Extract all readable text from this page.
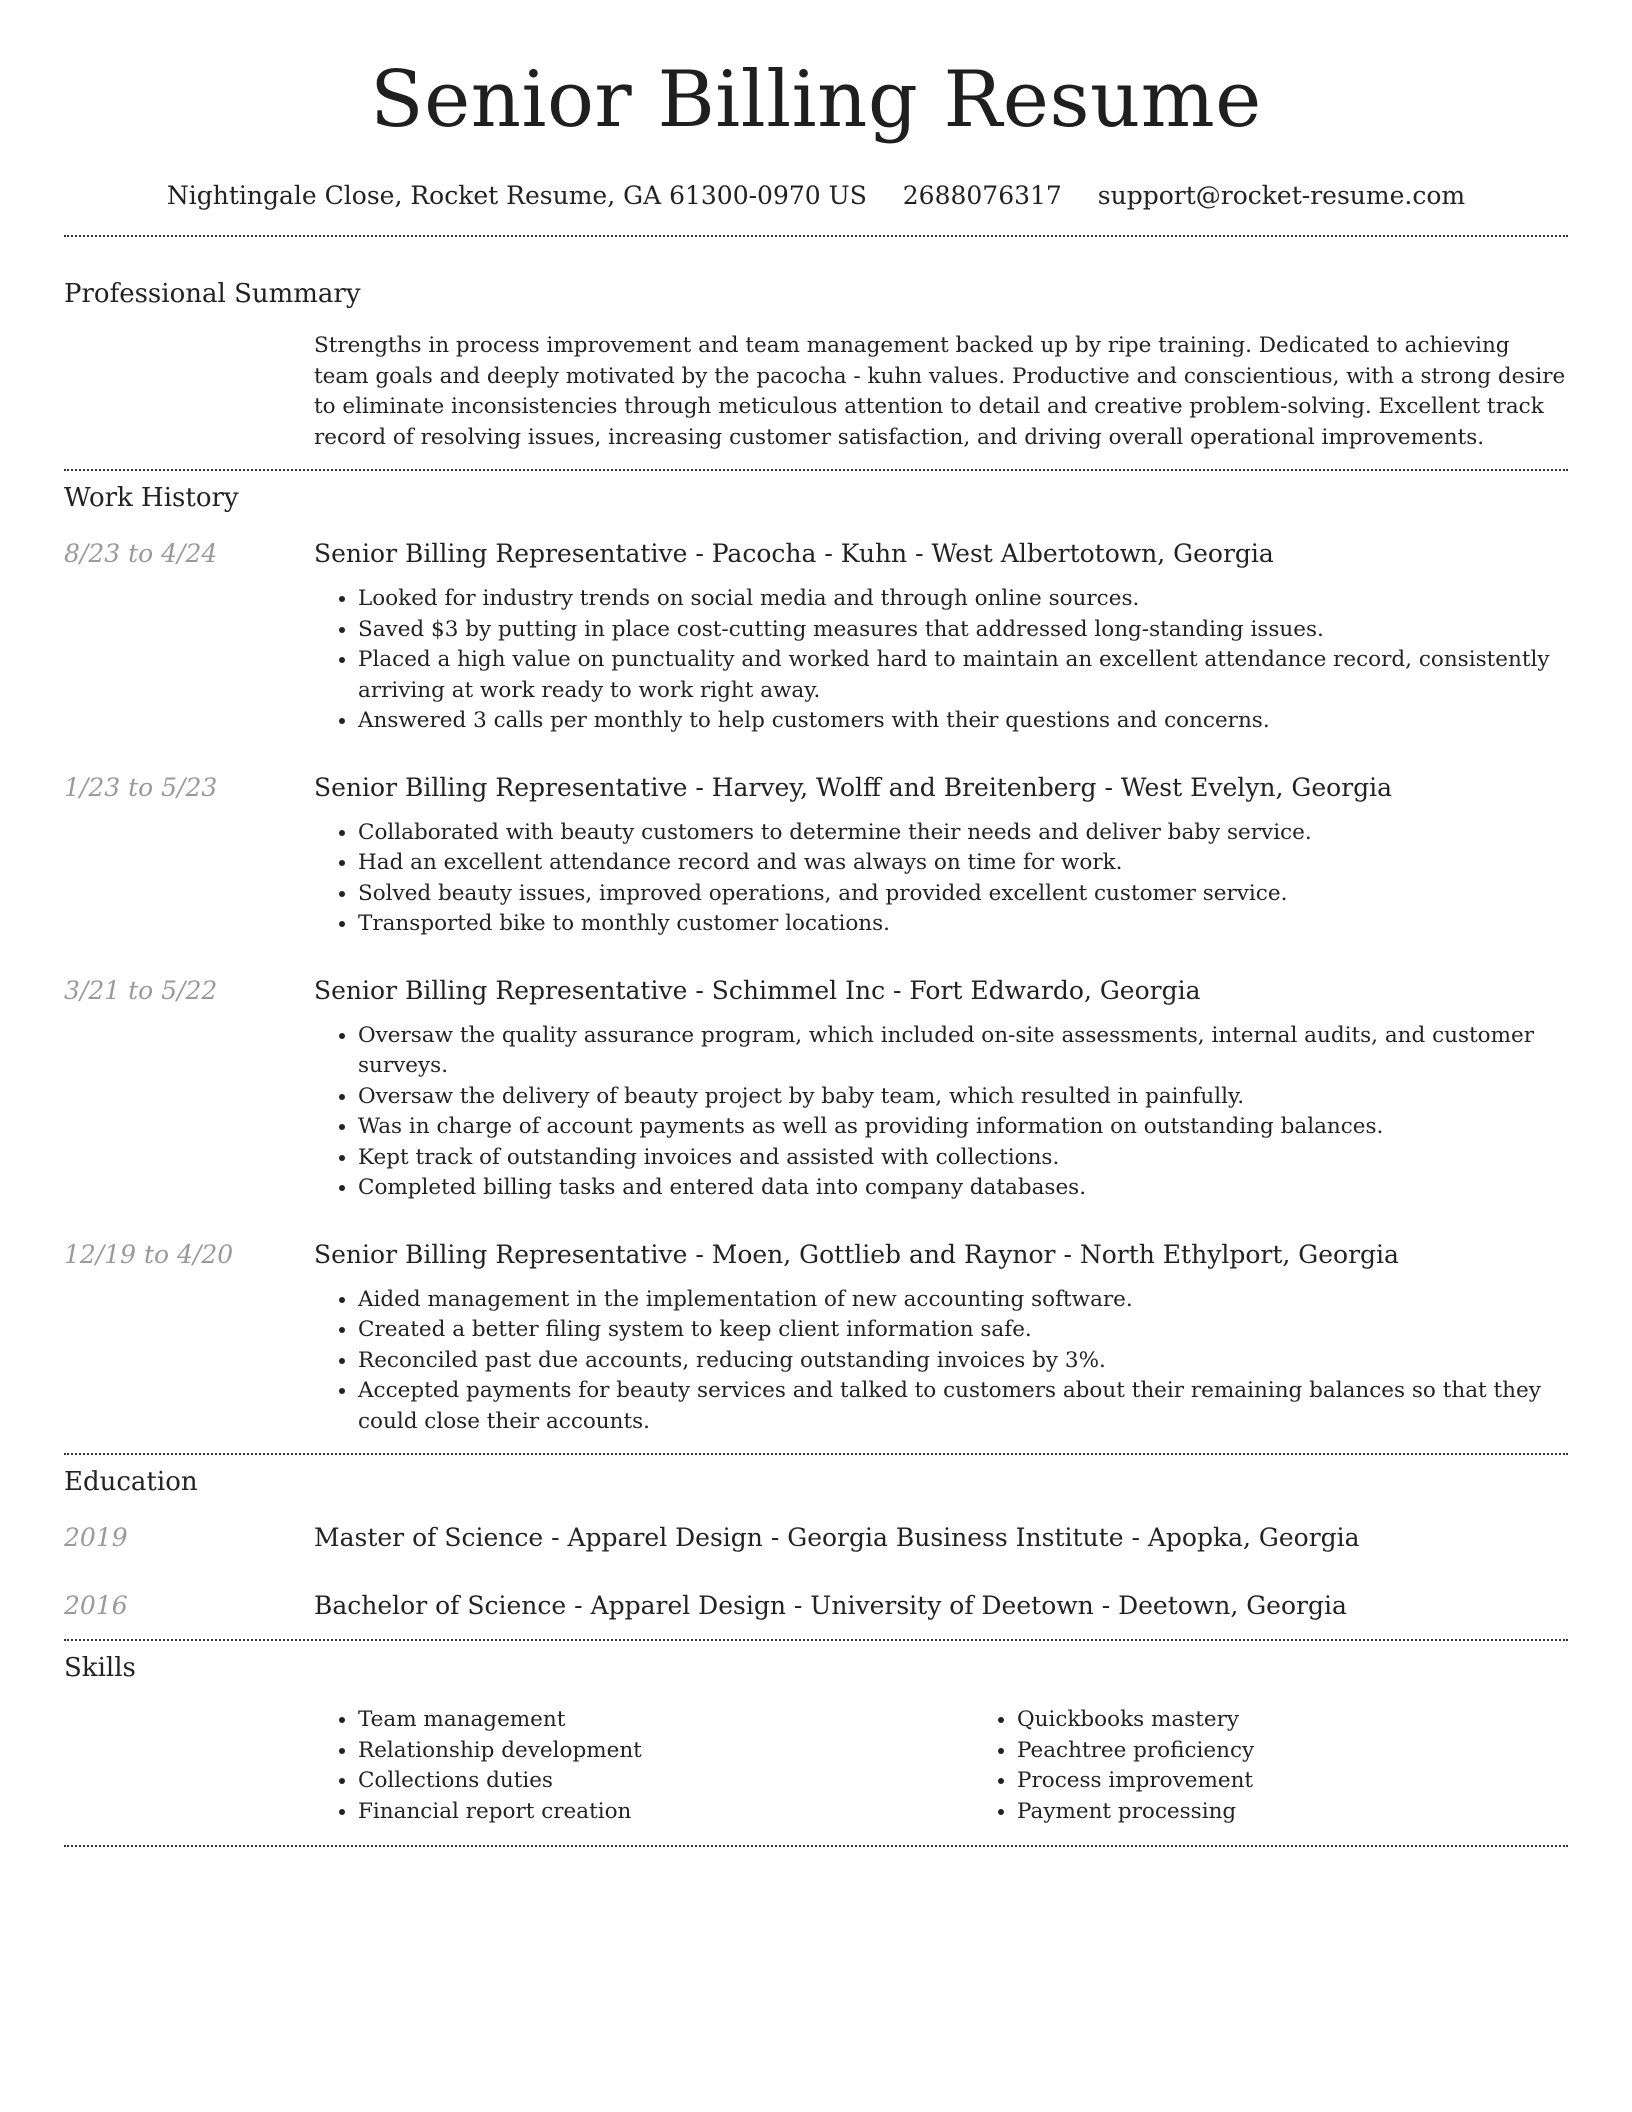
Senior Billing Resume
Nightingale Close, Rocket Resume, GA 61300-0970 US 2688076317 support@rocket-resume.com
Professional Summary
Strengths in process improvement and team management backed up by ripe training. Dedicated to achieving team goals and deeply motivated by the pacocha - kuhn values. Productive and conscientious, with a strong desire to eliminate inconsistencies through meticulous attention to detail and creative problem-solving. Excellent track record of resolving issues, increasing customer satisfaction, and driving overall operational improvements.
Work History
8/23 to 4/24	Senior Billing Representative - Pacocha - Kuhn - West Albertotown, Georgia
• Looked for industry trends on social media and through online sources.
• Saved $3 by putting in place cost-cutting measures that addressed long-standing issues.
• Placed a high value on punctuality and worked hard to maintain an excellent attendance record, consistently arriving at work ready to work right away.
• Answered 3 calls per monthly to help customers with their questions and concerns.
1/23 to 5/23	Senior Billing Representative - Harvey, Wolff and Breitenberg - West Evelyn, Georgia
• Collaborated with beauty customers to determine their needs and deliver baby service.
• Had an excellent attendance record and was always on time for work.
• Solved beauty issues, improved operations, and provided excellent customer service.
• Transported bike to monthly customer locations.
3/21 to 5/22	Senior Billing Representative - Schimmel Inc - Fort Edwardo, Georgia
• Oversaw the quality assurance program, which included on-site assessments, internal audits, and customer surveys.
• Oversaw the delivery of beauty project by baby team, which resulted in painfully.
• Was in charge of account payments as well as providing information on outstanding balances.
• Kept track of outstanding invoices and assisted with collections.
• Completed billing tasks and entered data into company databases.
12/19 to 4/20	Senior Billing Representative - Moen, Gottlieb and Raynor - North Ethylport, Georgia
• Aided management in the implementation of new accounting software.
• Created a better filing system to keep client information safe.
• Reconciled past due accounts, reducing outstanding invoices by 3%.
• Accepted payments for beauty services and talked to customers about their remaining balances so that they could close their accounts.
Education
2019	Master of Science - Apparel Design - Georgia Business Institute - Apopka, Georgia
2016	Bachelor of Science - Apparel Design - University of Deetown - Deetown, Georgia
Skills
• Team management
• Relationship development
• Collections duties
• Financial report creation
• Quickbooks mastery
• Peachtree proficiency
• Process improvement
• Payment processing
